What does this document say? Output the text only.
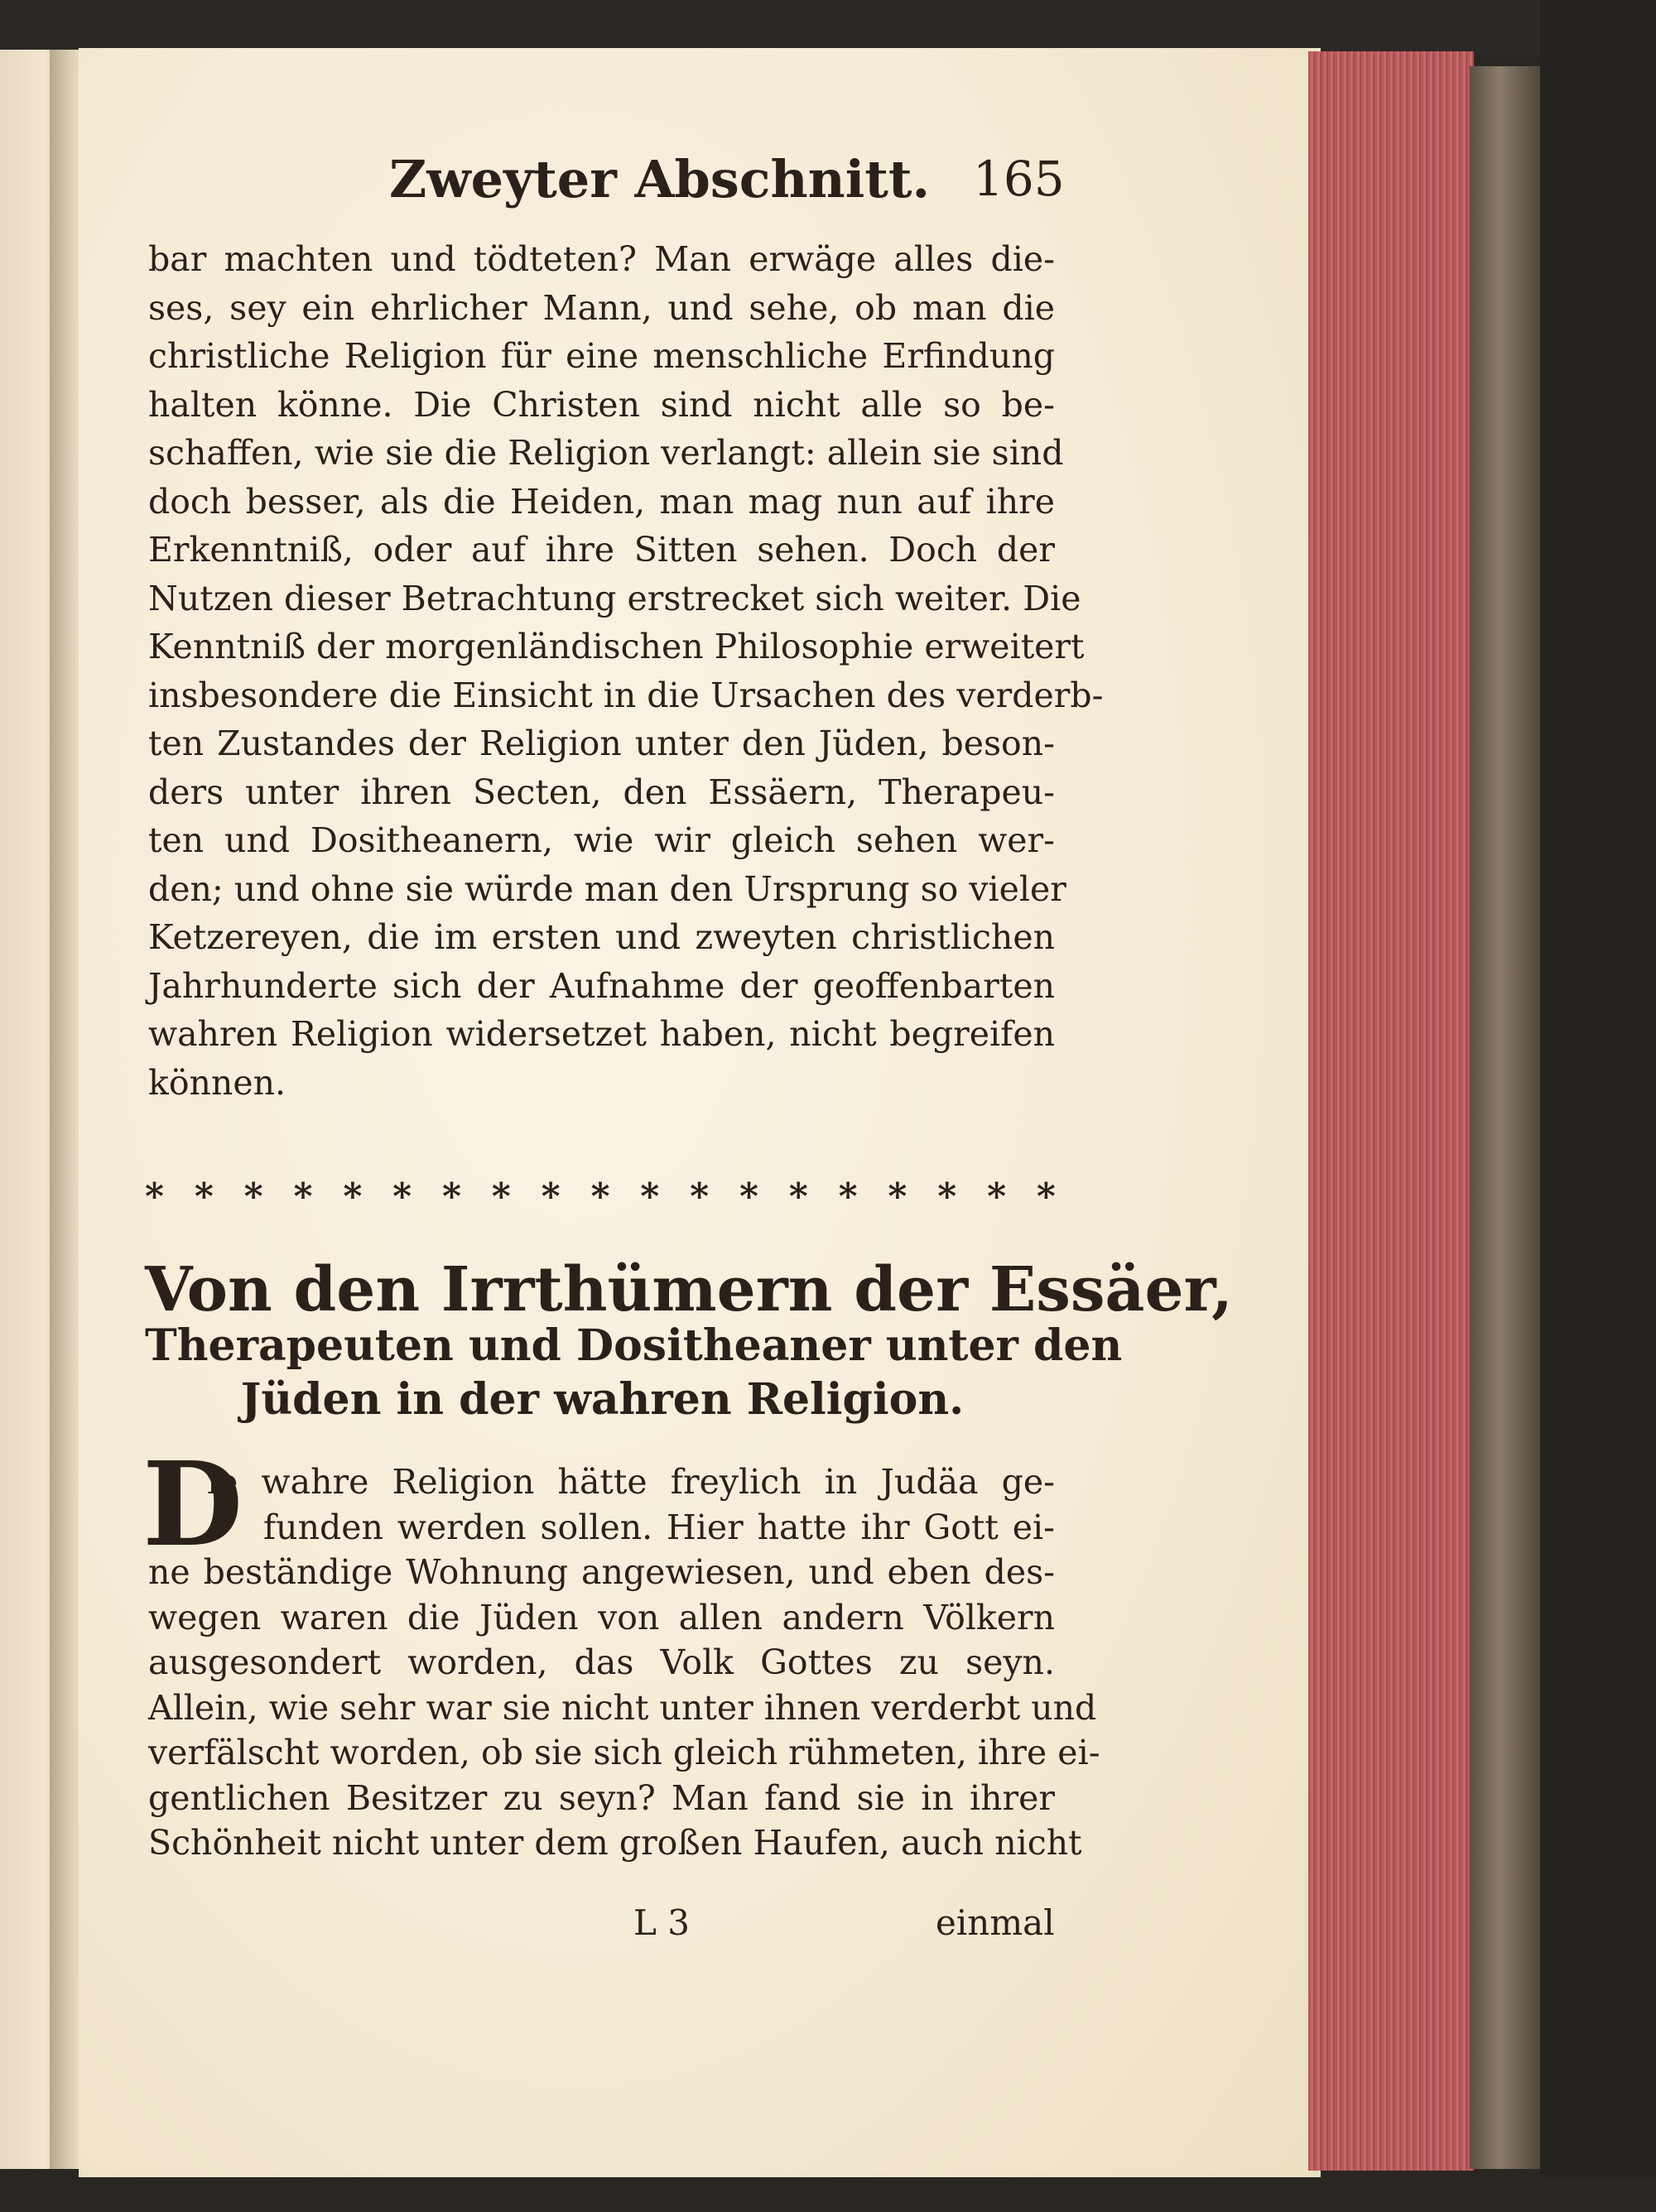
Zweyter Abschnitt. 165
bar machten und tödteten? Man erwäge alles die-
ses, sey ein ehrlicher Mann, und sehe, ob man die
christliche Religion für eine menschliche Erfindung
halten könne. Die Christen sind nicht alle so be-
schaffen, wie sie die Religion verlangt: allein sie sind
doch besser, als die Heiden, man mag nun auf ihre
Erkenntniß, oder auf ihre Sitten sehen. Doch der
Nutzen dieser Betrachtung erstrecket sich weiter. Die
Kenntniß der morgenländischen Philosophie erweitert
insbesondere die Einsicht in die Ursachen des verderb-
ten Zustandes der Religion unter den Jüden, beson-
ders unter ihren Secten, den Essäern, Therapeu-
ten und Dositheanern, wie wir gleich sehen wer-
den; und ohne sie würde man den Ursprung so vieler
Ketzereyen, die im ersten und zweyten christlichen
Jahrhunderte sich der Aufnahme der geoffenbarten
wahren Religion widersetzet haben, nicht begreifen
können.
* * * * * * * * * * * * * * * * * * *
Von den Irrthümern der Essäer,
Therapeuten und Dositheaner unter den
Jüden in der wahren Religion.
D
ie wahre Religion hätte freylich in Judäa ge-
funden werden sollen. Hier hatte ihr Gott ei-
ne beständige Wohnung angewiesen, und eben des-
wegen waren die Jüden von allen andern Völkern
ausgesondert worden, das Volk Gottes zu seyn.
Allein, wie sehr war sie nicht unter ihnen verderbt und
verfälscht worden, ob sie sich gleich rühmeten, ihre ei-
gentlichen Besitzer zu seyn? Man fand sie in ihrer
Schönheit nicht unter dem großen Haufen, auch nicht
L 3	einmal
